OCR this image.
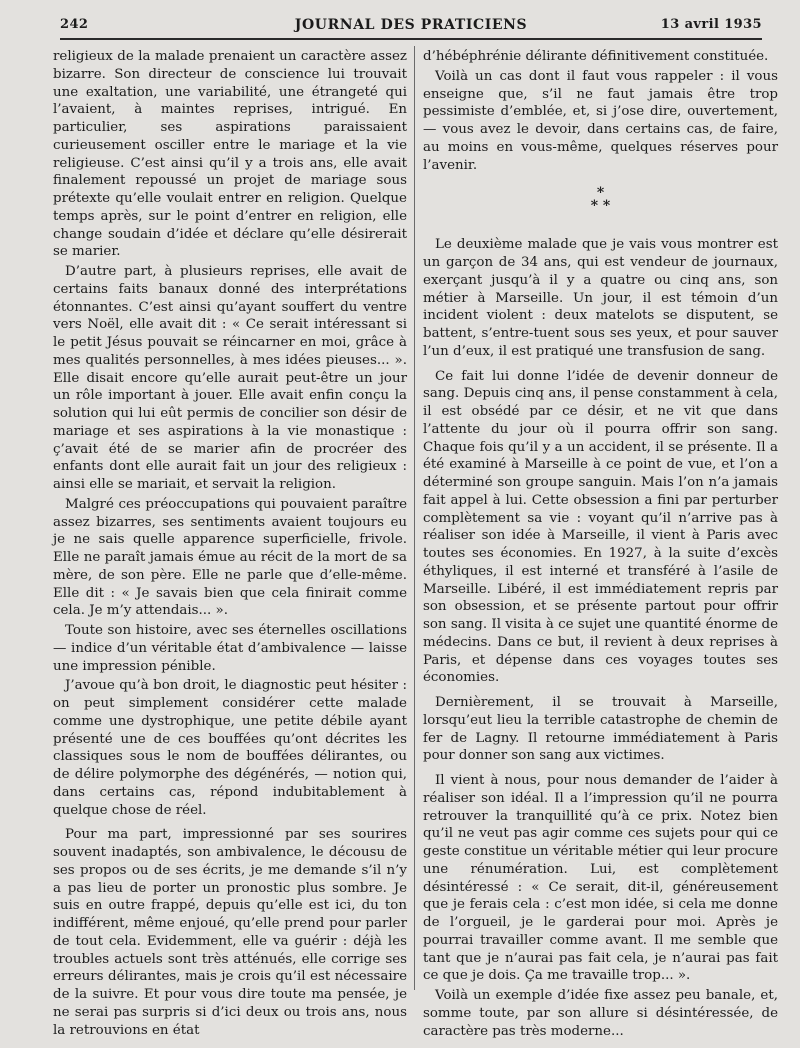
242	JOURNAL DES PRATICIENS	13 avril 1935

religieux de la malade prenaient un caractère assez bizarre. Son directeur de conscience lui trouvait une exaltation, une variabilité, une étrangeté qui l’avaient, à maintes reprises, intrigué. En particulier, ses aspirations paraissaient curieusement osciller entre le mariage et la vie religieuse. C’est ainsi qu’il y a trois ans, elle avait finalement repoussé un projet de mariage sous prétexte qu’elle voulait entrer en religion. Quelque temps après, sur le point d’entrer en religion, elle change soudain d’idée et déclare qu’elle désirerait se marier.

D’autre part, à plusieurs reprises, elle avait de certains faits banaux donné des interprétations étonnantes. C’est ainsi qu’ayant souffert du ventre vers Noël, elle avait dit : « Ce serait intéressant si le petit Jésus pouvait se réincarner en moi, grâce à mes qualités personnelles, à mes idées pieuses... ». Elle disait encore qu’elle aurait peut-être un jour un rôle important à jouer. Elle avait enfin conçu la solution qui lui eût permis de concilier son désir de mariage et ses aspirations à la vie monastique : ç’avait été de se marier afin de procréer des enfants dont elle aurait fait un jour des religieux : ainsi elle se mariait, et servait la religion.

Malgré ces préoccupations qui pouvaient paraître assez bizarres, ses sentiments avaient toujours eu je ne sais quelle apparence superficielle, frivole. Elle ne paraît jamais émue au récit de la mort de sa mère, de son père. Elle ne parle que d’elle-même. Elle dit : « Je savais bien que cela finirait comme cela. Je m’y attendais... ».

Toute son histoire, avec ses éternelles oscillations — indice d’un véritable état d’ambivalence — laisse une impression pénible.

J’avoue qu’à bon droit, le diagnostic peut hésiter : on peut simplement considérer cette malade comme une dystrophique, une petite débile ayant présenté une de ces bouffées qu’ont décrites les classiques sous le nom de bouffées délirantes, ou de délire polymorphe des dégénérés, — notion qui, dans certains cas, répond indubitablement à quelque chose de réel.

Pour ma part, impressionné par ses sourires souvent inadaptés, son ambivalence, le décousu de ses propos ou de ses écrits, je me demande s’il n’y a pas lieu de porter un pronostic plus sombre. Je suis en outre frappé, depuis qu’elle est ici, du ton indifférent, même enjoué, qu’elle prend pour parler de tout cela. Evidemment, elle va guérir : déjà les troubles actuels sont très atténués, elle corrige ses erreurs délirantes, mais je crois qu’il est nécessaire de la suivre. Et pour vous dire toute ma pensée, je ne serai pas surpris si d’ici deux ou trois ans, nous la retrouvions en état

d’hébéphrénie délirante définitivement constituée.

Voilà un cas dont il faut vous rappeler : il vous enseigne que, s’il ne faut jamais être trop pessimiste d’emblée, et, si j’ose dire, ouvertement, — vous avez le devoir, dans certains cas, de faire, au moins en vous-même, quelques réserves pour l’avenir.

*
* *

Le deuxième malade que je vais vous montrer est un garçon de 34 ans, qui est vendeur de journaux, exerçant jusqu’à il y a quatre ou cinq ans, son métier à Marseille. Un jour, il est témoin d’un incident violent : deux matelots se disputent, se battent, s’entre-tuent sous ses yeux, et pour sauver l’un d’eux, il est pratiqué une transfusion de sang.

Ce fait lui donne l’idée de devenir donneur de sang. Depuis cinq ans, il pense constamment à cela, il est obsédé par ce désir, et ne vit que dans l’attente du jour où il pourra offrir son sang. Chaque fois qu’il y a un accident, il se présente. Il a été examiné à Marseille à ce point de vue, et l’on a déterminé son groupe sanguin. Mais l’on n’a jamais fait appel à lui. Cette obsession a fini par perturber complètement sa vie : voyant qu’il n’arrive pas à réaliser son idée à Marseille, il vient à Paris avec toutes ses économies. En 1927, à la suite d’excès éthyliques, il est interné et transféré à l’asile de Marseille. Libéré, il est immédiatement repris par son obsession, et se présente partout pour offrir son sang. Il visita à ce sujet une quantité énorme de médecins. Dans ce but, il revient à deux reprises à Paris, et dépense dans ces voyages toutes ses économies.

Dernièrement, il se trouvait à Marseille, lorsqu’eut lieu la terrible catastrophe de chemin de fer de Lagny. Il retourne immédiatement à Paris pour donner son sang aux victimes.

Il vient à nous, pour nous demander de l’aider à réaliser son idéal. Il a l’impression qu’il ne pourra retrouver la tranquillité qu’à ce prix. Notez bien qu’il ne veut pas agir comme ces sujets pour qui ce geste constitue un véritable métier qui leur procure une rénumération. Lui, est complètement désintéressé : « Ce serait, dit-il, généreusement que je ferais cela : c’est mon idée, si cela me donne de l’orgueil, je le garderai pour moi. Après je pourrai travailler comme avant. Il me semble que tant que je n’aurai pas fait cela, je n’aurai pas fait ce que je dois. Ça me travaille trop... ».

Voilà un exemple d’idée fixe assez peu banale, et, somme toute, par son allure si désintéressée, de caractère pas très moderne...
